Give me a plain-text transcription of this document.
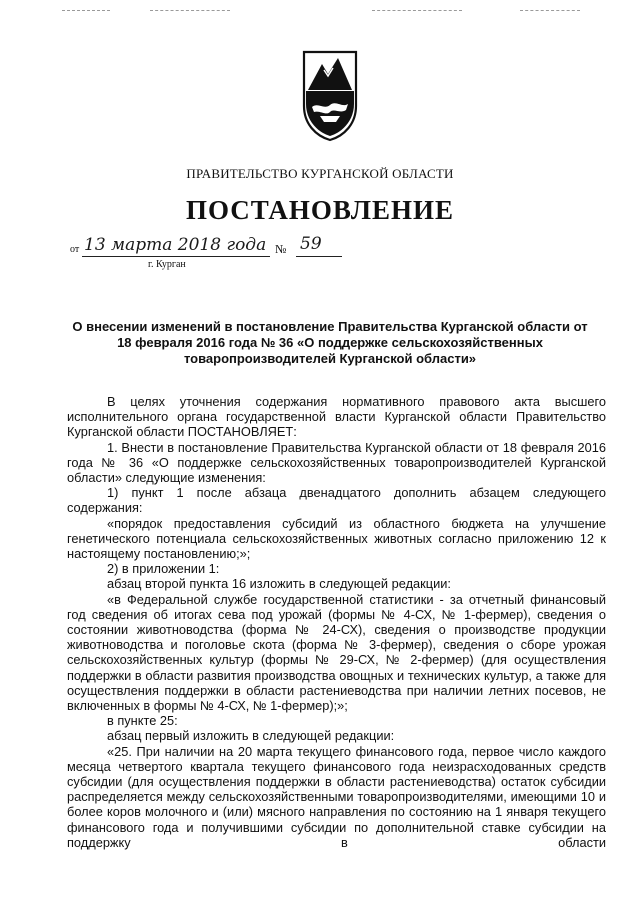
ПРАВИТЕЛЬСТВО КУРГАНСКОЙ ОБЛАСТИ
ПОСТАНОВЛЕНИЕ
от 13 марта 2018 года № 59
г. Курган
О внесении изменений в постановление Правительства Курганской области от 18 февраля 2016 года № 36 «О поддержке сельскохозяйственных товаропроизводителей Курганской области»

В целях уточнения содержания нормативного правового акта высшего исполнительного органа государственной власти Курганской области Правительство Курганской области ПОСТАНОВЛЯЕТ:

1. Внести в постановление Правительства Курганской области от 18 февраля 2016 года № 36 «О поддержке сельскохозяйственных товаропроизводителей Курганской области» следующие изменения:

1) пункт 1 после абзаца двенадцатого дополнить абзацем следующего содержания:

«порядок предоставления субсидий из областного бюджета на улучшение генетического потенциала сельскохозяйственных животных согласно приложению 12 к настоящему постановлению;»;

2) в приложении 1:

абзац второй пункта 16 изложить в следующей редакции:

«в Федеральной службе государственной статистики - за отчетный финансовый год сведения об итогах сева под урожай (формы № 4-СХ, № 1-фермер), сведения о состоянии животноводства (форма № 24-СХ), сведения о производстве продукции животноводства и поголовье скота (форма № 3-фермер), сведения о сборе урожая сельскохозяйственных культур (формы № 29-СХ, № 2-фермер) (для осуществления поддержки в области развития производства овощных и технических культур, а также для осуществления поддержки в области растениеводства при наличии летних посевов, не включенных в формы № 4-СХ, № 1-фермер);»;

в пункте 25:

абзац первый изложить в следующей редакции:

«25. При наличии на 20 марта текущего финансового года, первое число каждого месяца четвертого квартала текущего финансового года неизрасходованных средств субсидии (для осуществления поддержки в области растениеводства) остаток субсидии распределяется между сельскохозяйственными товаропроизводителями, имеющими 10 и более коров молочного и (или) мясного направления по состоянию на 1 января текущего финансового года и получившими субсидии по дополнительной ставке субсидии на поддержку в области
